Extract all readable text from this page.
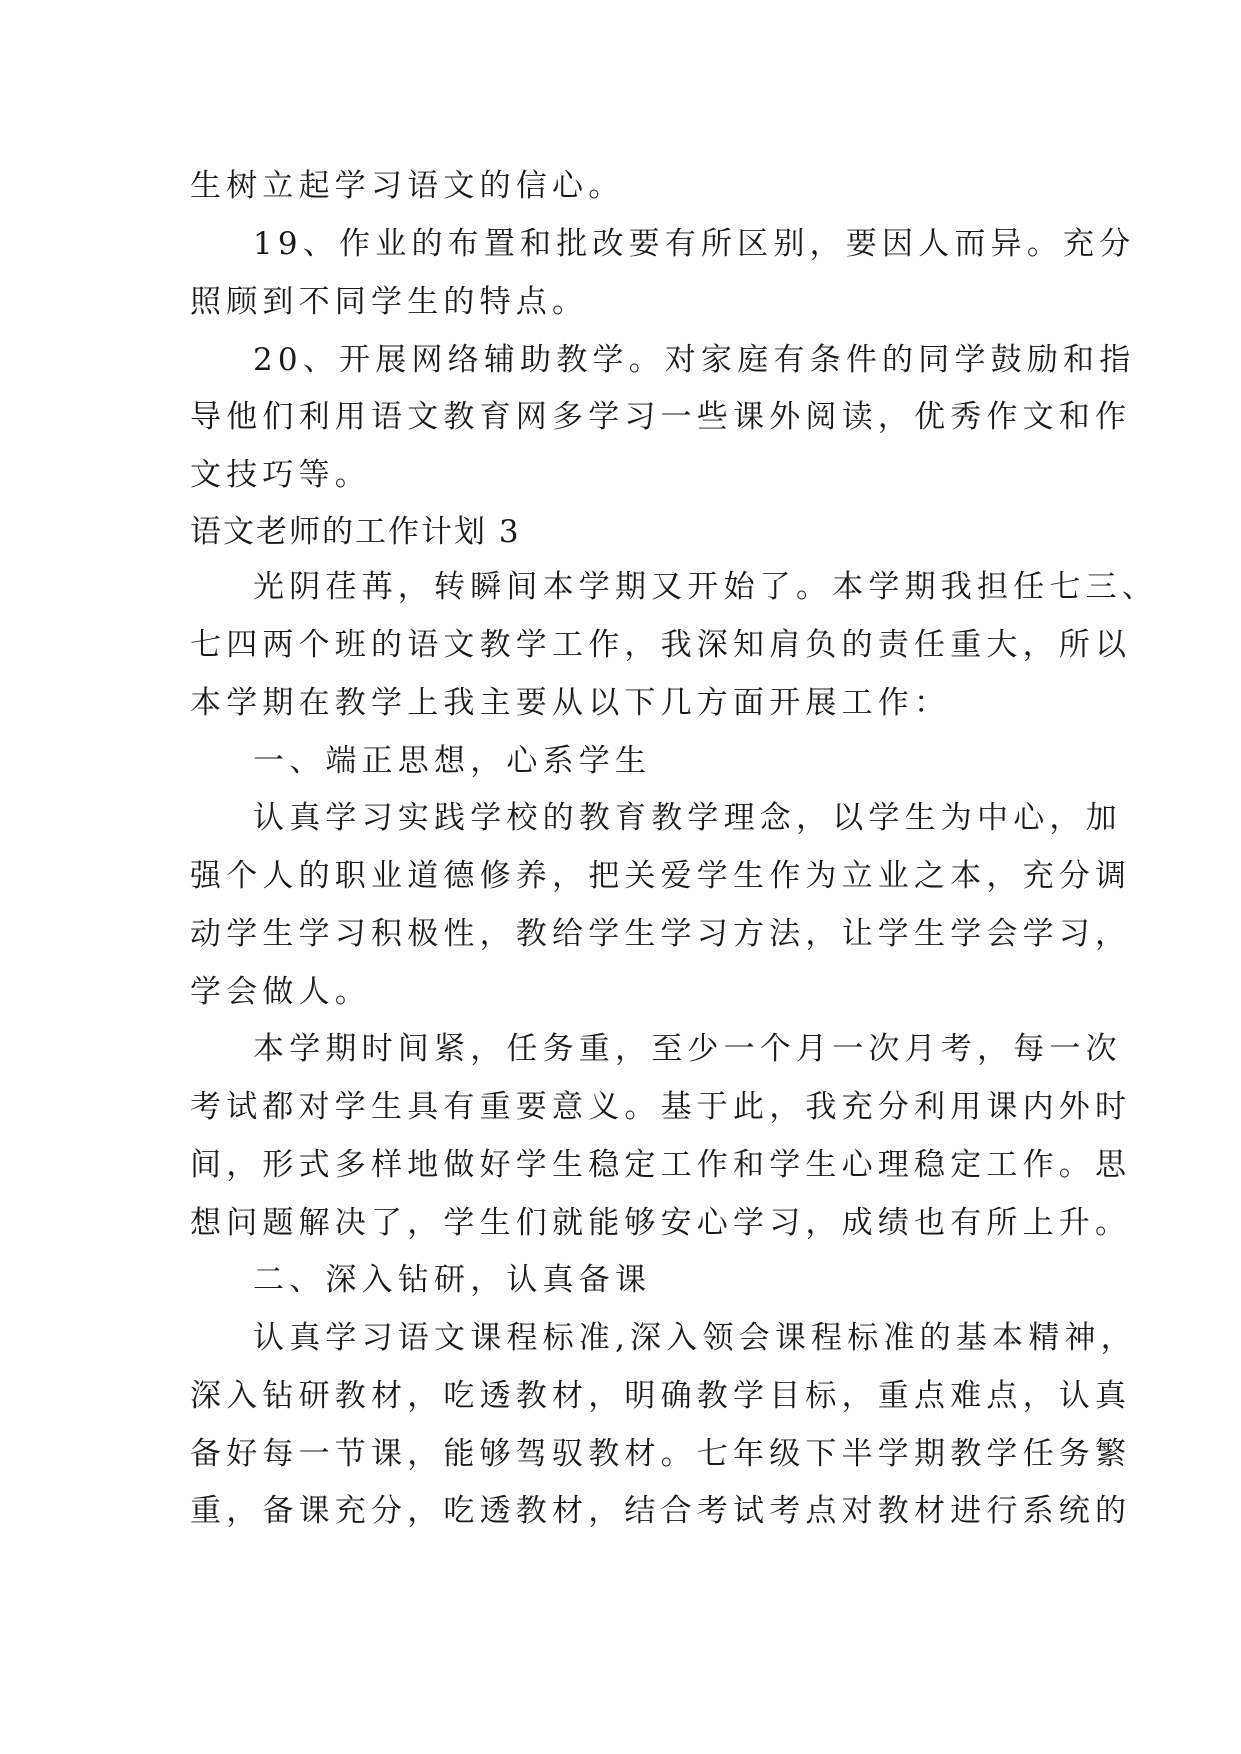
生树立起学习语文的信心。
19、作业的布置和批改要有所区别，要因人而异。充分
照顾到不同学生的特点。
20、开展网络辅助教学。对家庭有条件的同学鼓励和指
导他们利用语文教育网多学习一些课外阅读，优秀作文和作
文技巧等。
语文老师的工作计划 3
光阴荏苒，转瞬间本学期又开始了。本学期我担任七三、
七四两个班的语文教学工作，我深知肩负的责任重大，所以
本学期在教学上我主要从以下几方面开展工作：
一、端正思想，心系学生
认真学习实践学校的教育教学理念，以学生为中心，加
强个人的职业道德修养，把关爱学生作为立业之本，充分调
动学生学习积极性，教给学生学习方法，让学生学会学习，
学会做人。
本学期时间紧，任务重，至少一个月一次月考，每一次
考试都对学生具有重要意义。基于此，我充分利用课内外时
间，形式多样地做好学生稳定工作和学生心理稳定工作。思
想问题解决了，学生们就能够安心学习，成绩也有所上升。
二、深入钻研，认真备课
认真学习语文课程标准,深入领会课程标准的基本精神，
深入钻研教材，吃透教材，明确教学目标，重点难点，认真
备好每一节课，能够驾驭教材。七年级下半学期教学任务繁
重，备课充分，吃透教材，结合考试考点对教材进行系统的
